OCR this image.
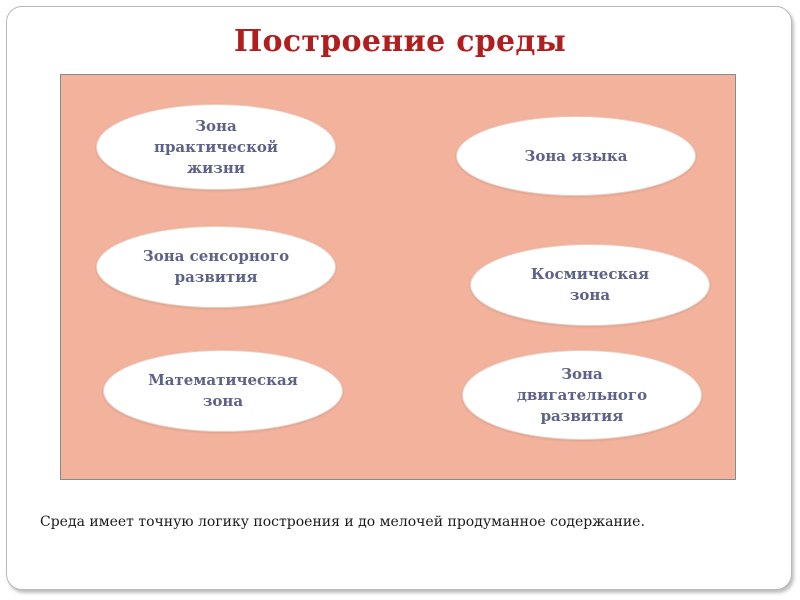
Построение среды
Зона
практической
жизни
Зона языка
Зона сенсорного
развития	Космическая
зона
Математическая
зона
Зона
двигательного
развития
Среда имеет точную логику построения и до мелочей продуманное содержание.
